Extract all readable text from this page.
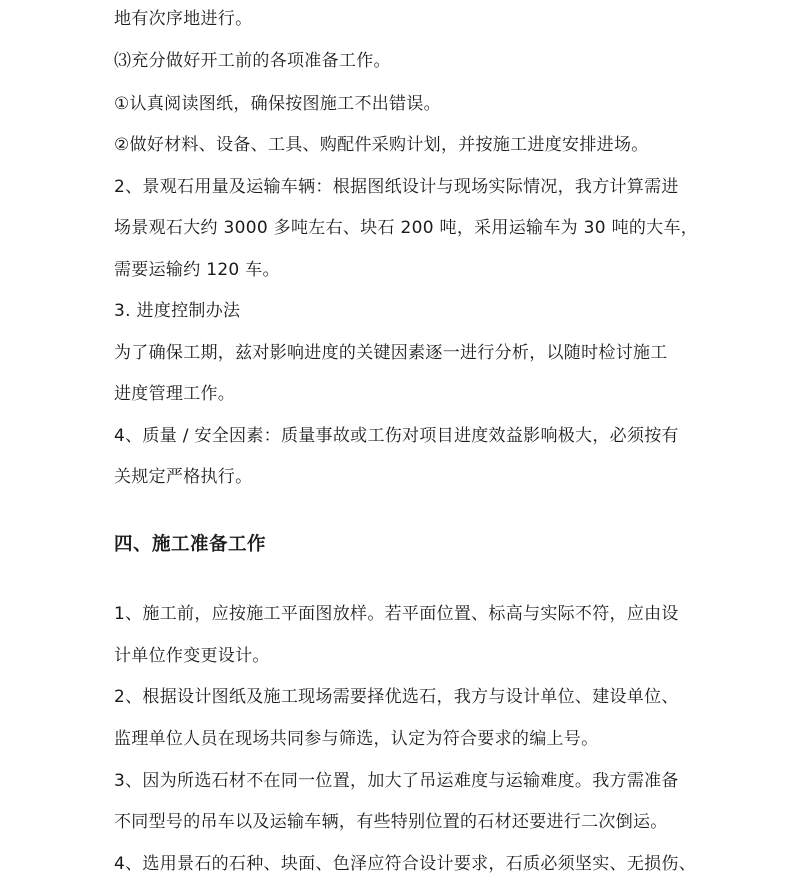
地有次序地进行。
⑶充分做好开工前的各项准备工作。
①认真阅读图纸，确保按图施工不出错误。
②做好材料、设备、工具、购配件采购计划，并按施工进度安排进场。
2、景观石用量及运输车辆：根据图纸设计与现场实际情况，我方计算需进
场景观石大约 3000 多吨左右、块石 200 吨，采用运输车为 30 吨的大车，
需要运输约 120 车。
3. 进度控制办法
为了确保工期，兹对影响进度的关键因素逐一进行分析，以随时检讨施工
进度管理工作。
4、质量 / 安全因素：质量事故或工伤对项目进度效益影响极大，必须按有
关规定严格执行。
四、施工准备工作
1、施工前，应按施工平面图放样。若平面位置、标高与实际不符，应由设
计单位作变更设计。
2、根据设计图纸及施工现场需要择优选石，我方与设计单位、建设单位、
监理单位人员在现场共同参与筛选，认定为符合要求的编上号。
3、因为所选石材不在同一位置，加大了吊运难度与运输难度。我方需准备
不同型号的吊车以及运输车辆，有些特别位置的石材还要进行二次倒运。
4、选用景石的石种、块面、色泽应符合设计要求，石质必须坚实、无损伤、
